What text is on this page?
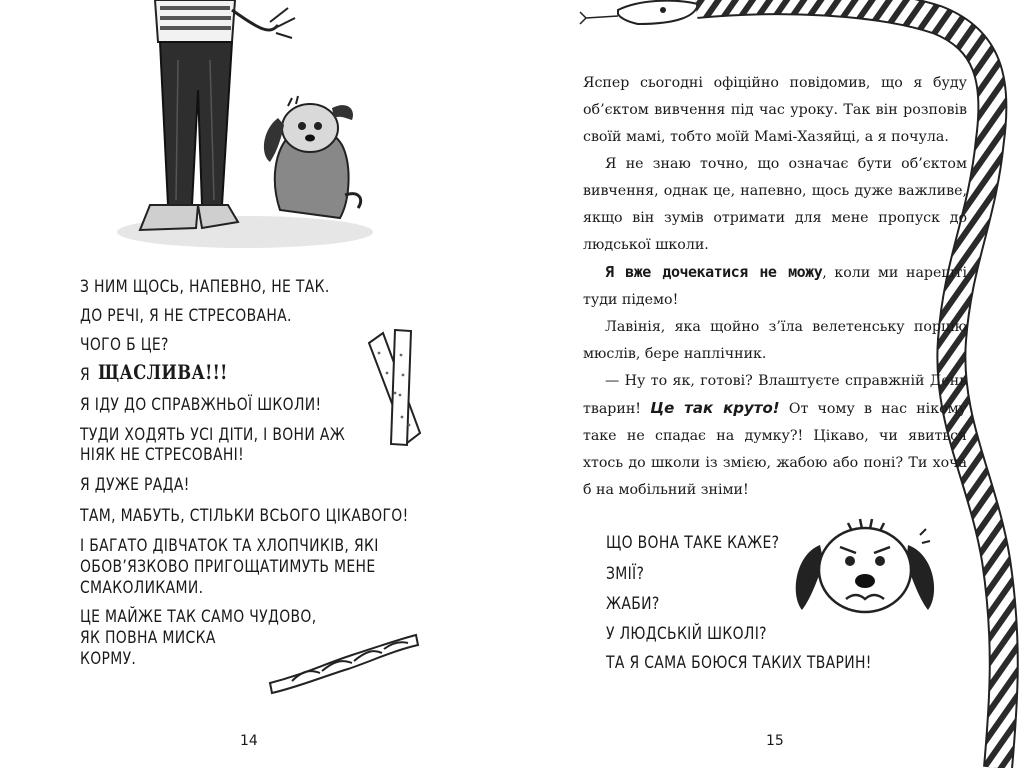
З НИМ ЩОСЬ, НАПЕВНО, НЕ ТАК.
ДО РЕЧІ, Я НЕ СТРЕСОВАНА.
ЧОГО Б ЦЕ?
Я ЩАСЛИВА!!!
Я ІДУ ДО СПРАВЖНЬОЇ ШКОЛИ!
ТУДИ ХОДЯТЬ УСІ ДІТИ, І ВОНИ АЖ
НІЯК НЕ СТРЕСОВАНІ!
Я ДУЖЕ РАДА!
ТАМ, МАБУТЬ, СТІЛЬКИ ВСЬОГО ЦІКАВОГО!
І БАГАТО ДІВЧАТОК ТА ХЛОПЧИКІВ, ЯКІ
ОБОВ’ЯЗКОВО ПРИГОЩАТИМУТЬ МЕНЕ
СМАКОЛИКАМИ.
ЦЕ МАЙЖЕ ТАК САМО ЧУДОВО,
ЯК ПОВНА МИСКА
КОРМУ.
14

Яспер сьогодні офіційно повідомив, що я буду об’єктом вивчення під час уроку. Так він розповів своїй мамі, тобто моїй Мамі-Хазяйці, а я почула.

Я не знаю точно, що означає бути об’єктом вивчення, однак це, напевно, щось дуже важливе, якщо він зумів отримати для мене пропуск до людської школи.

Я вже дочекатися не можу, коли ми нарешті туди підемо!

Лавінія, яка щойно з’їла велетенську порцію мюслів, бере наплічник.

— Ну то як, готові? Влаштуєте справжній День тварин! Це так круто! От чому в нас нікому таке не спадає на думку?! Цікаво, чи явиться хтось до школи із змією, жабою або поні? Ти хоча б на мобільний зніми!

ЩО ВОНА ТАКЕ КАЖЕ?
ЗМІЇ?
ЖАБИ?
У ЛЮДСЬКІЙ ШКОЛІ?
ТА Я САМА БОЮСЯ ТАКИХ ТВАРИН!
15
